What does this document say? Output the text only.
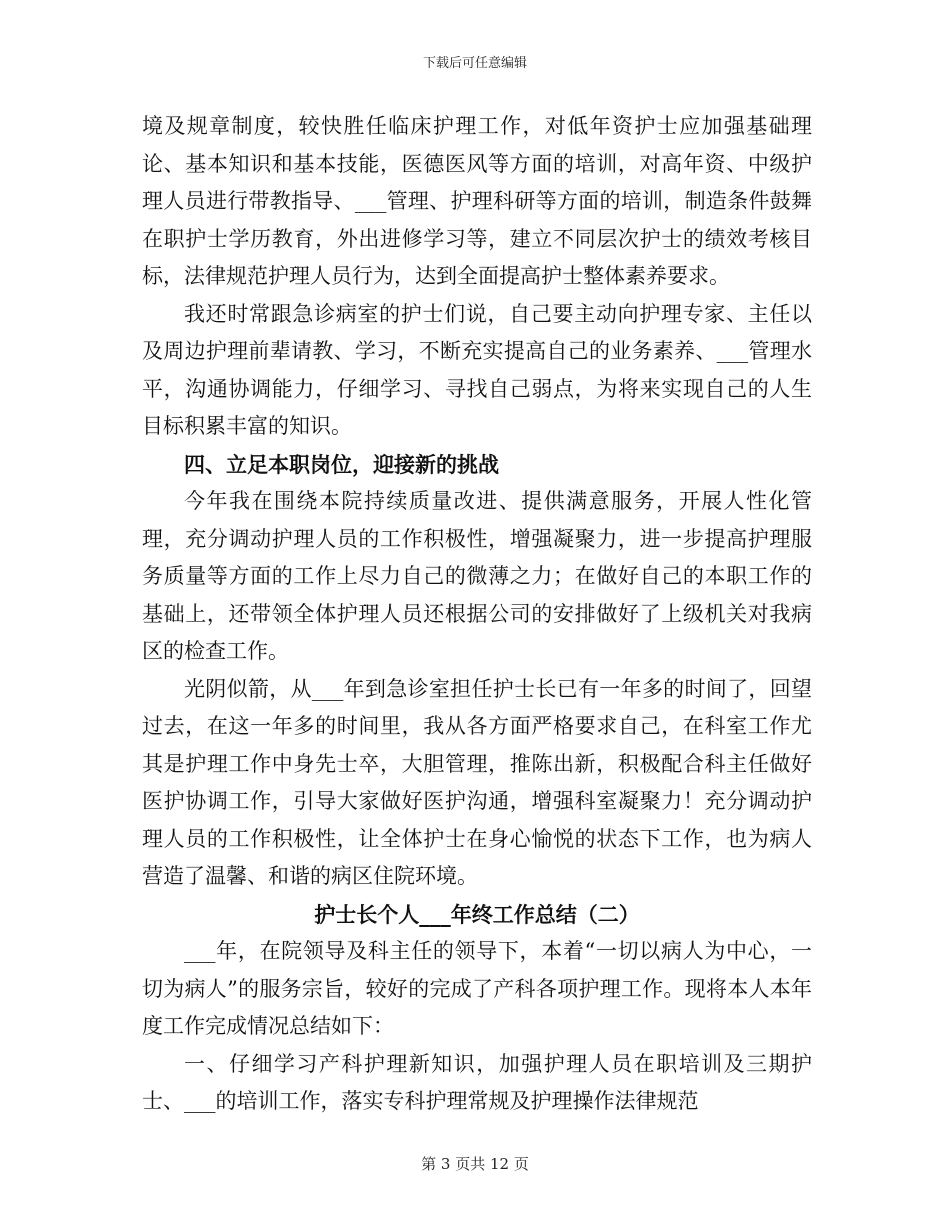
下载后可任意编辑

境及规章制度，较快胜任临床护理工作，对低年资护士应加强基础理论、基本知识和基本技能，医德医风等方面的培训，对高年资、中级护理人员进行带教指导、___管理、护理科研等方面的培训，制造条件鼓舞在职护士学历教育，外出进修学习等，建立不同层次护士的绩效考核目标，法律规范护理人员行为，达到全面提高护士整体素养要求。

我还时常跟急诊病室的护士们说，自己要主动向护理专家、主任以及周边护理前辈请教、学习，不断充实提高自己的业务素养、___管理水平，沟通协调能力，仔细学习、寻找自己弱点，为将来实现自己的人生目标积累丰富的知识。

四、立足本职岗位，迎接新的挑战

今年我在围绕本院持续质量改进、提供满意服务，开展人性化管理，充分调动护理人员的工作积极性，增强凝聚力，进一步提高护理服务质量等方面的工作上尽力自己的微薄之力；在做好自己的本职工作的基础上，还带领全体护理人员还根据公司的安排做好了上级机关对我病区的检查工作。

光阴似箭，从___年到急诊室担任护士长已有一年多的时间了，回望过去，在这一年多的时间里，我从各方面严格要求自己，在科室工作尤其是护理工作中身先士卒，大胆管理，推陈出新，积极配合科主任做好医护协调工作，引导大家做好医护沟通，增强科室凝聚力！充分调动护理人员的工作积极性，让全体护士在身心愉悦的状态下工作，也为病人营造了温馨、和谐的病区住院环境。

护士长个人___年终工作总结（二）

___年，在院领导及科主任的领导下，本着“一切以病人为中心，一切为病人”的服务宗旨，较好的完成了产科各项护理工作。现将本人本年度工作完成情况总结如下：

一、仔细学习产科护理新知识，加强护理人员在职培训及三期护士、___的培训工作，落实专科护理常规及护理操作法律规范

第 3 页共 12 页
